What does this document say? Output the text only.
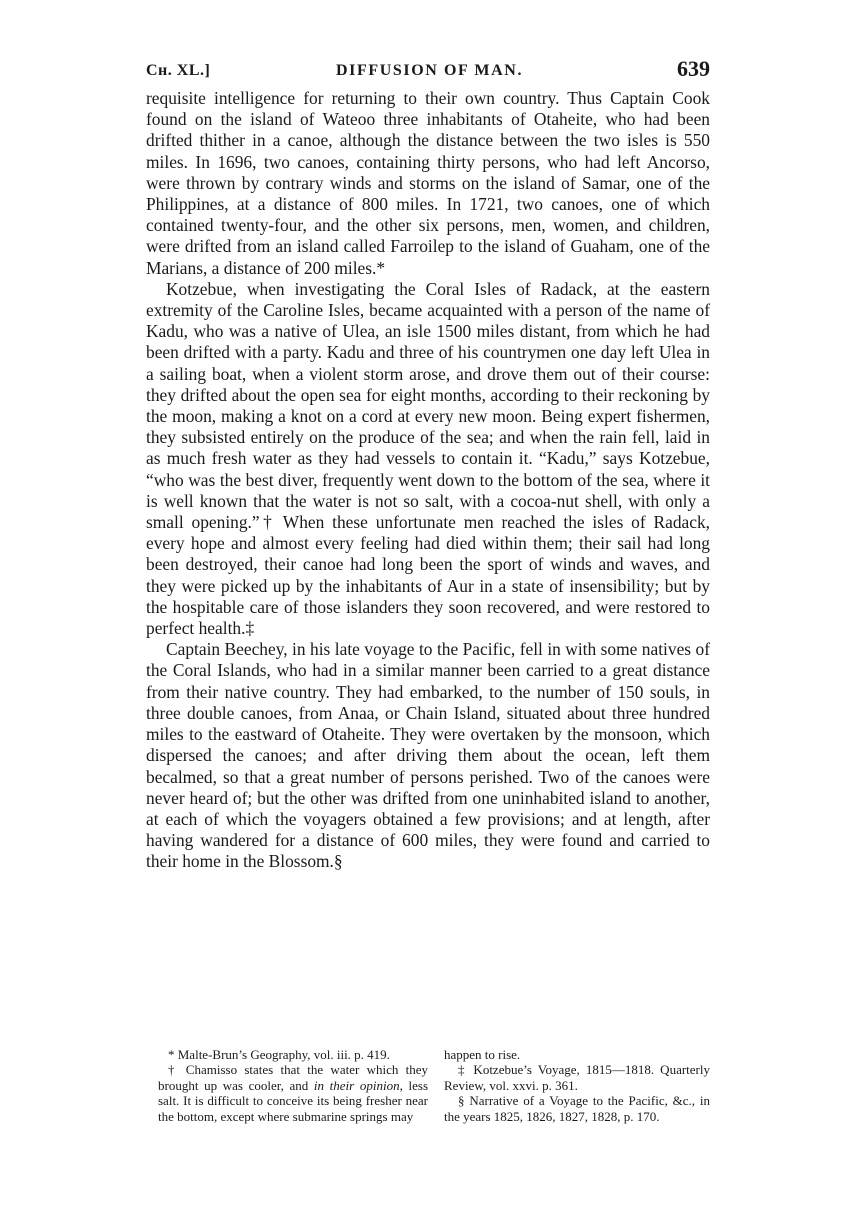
Cн. XL.]	DIFFUSION OF MAN.	639

requisite intelligence for returning to their own country. Thus Captain Cook found on the island of Wateoo three inhabitants of Otaheite, who had been drifted thither in a canoe, although the distance between the two isles is 550 miles. In 1696, two canoes, containing thirty persons, who had left Ancorso, were thrown by contrary winds and storms on the island of Samar, one of the Philippines, at a distance of 800 miles. In 1721, two canoes, one of which contained twenty-four, and the other six persons, men, women, and children, were drifted from an island called Farroilep to the island of Guaham, one of the Marians, a distance of 200 miles.*

Kotzebue, when investigating the Coral Isles of Radack, at the eastern extremity of the Caroline Isles, became acquainted with a person of the name of Kadu, who was a native of Ulea, an isle 1500 miles distant, from which he had been drifted with a party. Kadu and three of his countrymen one day left Ulea in a sailing boat, when a violent storm arose, and drove them out of their course: they drifted about the open sea for eight months, according to their reckoning by the moon, making a knot on a cord at every new moon. Being expert fishermen, they subsisted entirely on the produce of the sea; and when the rain fell, laid in as much fresh water as they had vessels to contain it. “Kadu,” says Kotzebue, “who was the best diver, frequently went down to the bottom of the sea, where it is well known that the water is not so salt, with a cocoa-nut shell, with only a small opening.”† When these unfortunate men reached the isles of Radack, every hope and almost every feeling had died within them; their sail had long been destroyed, their canoe had long been the sport of winds and waves, and they were picked up by the inhabitants of Aur in a state of insensibility; but by the hospitable care of those islanders they soon recovered, and were restored to perfect health.‡

Captain Beechey, in his late voyage to the Pacific, fell in with some natives of the Coral Islands, who had in a similar manner been carried to a great distance from their native country. They had embarked, to the number of 150 souls, in three double canoes, from Anaa, or Chain Island, situated about three hundred miles to the eastward of Otaheite. They were overtaken by the monsoon, which dispersed the canoes; and after driving them about the ocean, left them becalmed, so that a great number of persons perished. Two of the canoes were never heard of; but the other was drifted from one uninhabited island to another, at each of which the voyagers obtained a few provisions; and at length, after having wandered for a distance of 600 miles, they were found and carried to their home in the Blossom.§

* Malte-Brun’s Geography, vol. iii. p. 419.

† Chamisso states that the water which they brought up was cooler, and in their opinion, less salt. It is difficult to conceive its being fresher near the bottom, except where submarine springs may

happen to rise.

‡ Kotzebue’s Voyage, 1815—1818. Quarterly Review, vol. xxvi. p. 361.

§ Narrative of a Voyage to the Pacific, &c., in the years 1825, 1826, 1827, 1828, p. 170.
